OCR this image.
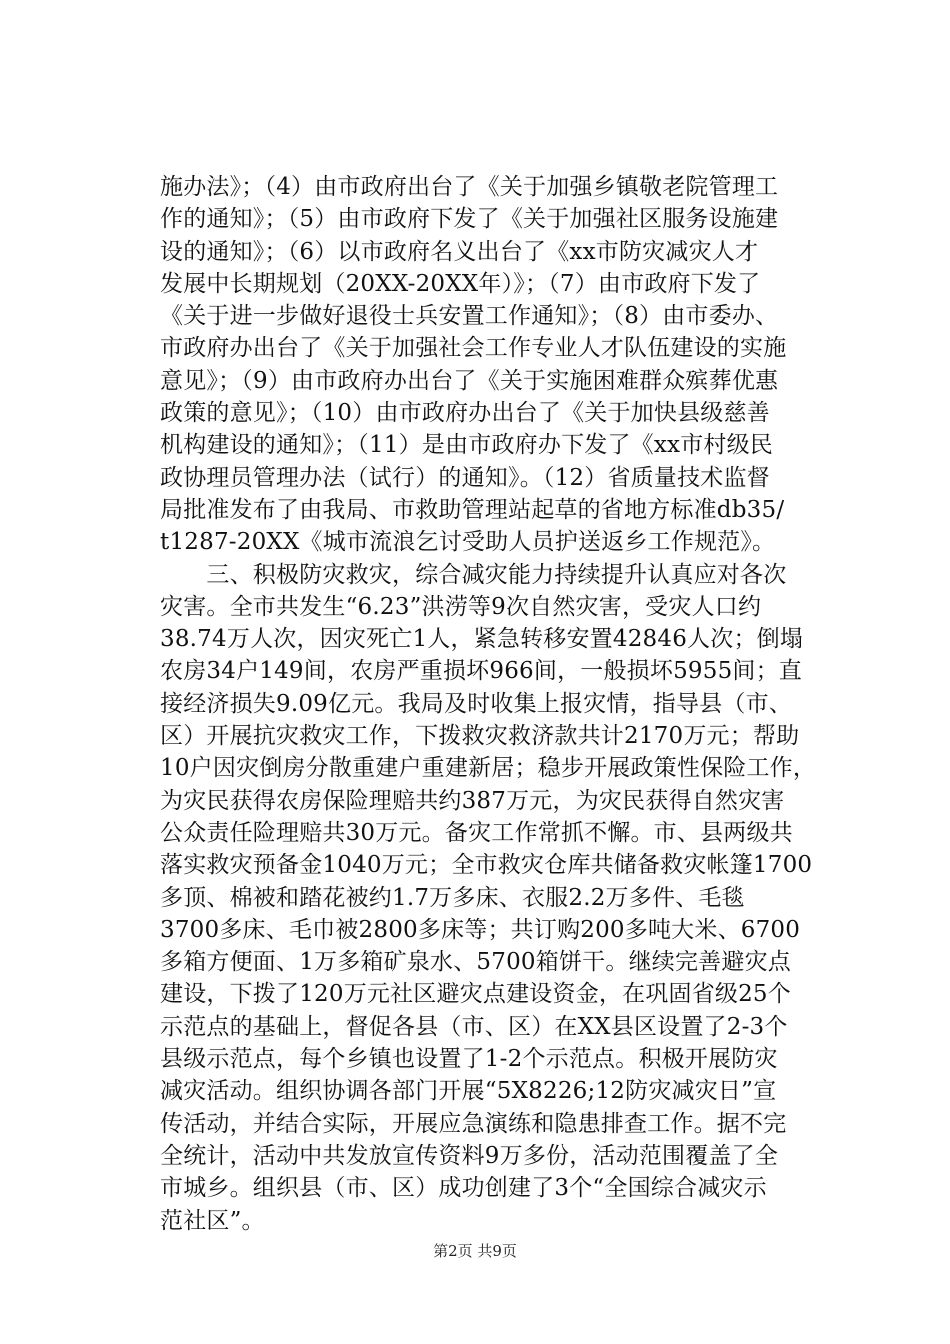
施办法》；（4）由市政府出台了《关于加强乡镇敬老院管理工
作的通知》；（5）由市政府下发了《关于加强社区服务设施建
设的通知》；（6）以市政府名义出台了《xx市防灾减灾人才
发展中长期规划（20XX-20XX年）》；（7）由市政府下发了
《关于进一步做好退役士兵安置工作通知》；（8）由市委办、
市政府办出台了《关于加强社会工作专业人才队伍建设的实施
意见》；（9）由市政府办出台了《关于实施困难群众殡葬优惠
政策的意见》；（10）由市政府办出台了《关于加快县级慈善
机构建设的通知》；（11）是由市政府办下发了《xx市村级民
政协理员管理办法（试行）的通知》。（12）省质量技术监督
局批准发布了由我局、市救助管理站起草的省地方标准db35/
t1287-20XX《城市流浪乞讨受助人员护送返乡工作规范》。
　　三、积极防灾救灾，综合减灾能力持续提升认真应对各次
灾害。全市共发生“6.23”洪涝等9次自然灾害，受灾人口约
38.74万人次，因灾死亡1人，紧急转移安置42846人次；倒塌
农房34户149间，农房严重损坏966间，一般损坏5955间；直
接经济损失9.09亿元。我局及时收集上报灾情，指导县（市、
区）开展抗灾救灾工作，下拨救灾救济款共计2170万元；帮助
10户因灾倒房分散重建户重建新居；稳步开展政策性保险工作，
为灾民获得农房保险理赔共约387万元，为灾民获得自然灾害
公众责任险理赔共30万元。备灾工作常抓不懈。市、县两级共
落实救灾预备金1040万元；全市救灾仓库共储备救灾帐篷1700
多顶、棉被和踏花被约1.7万多床、衣服2.2万多件、毛毯
3700多床、毛巾被2800多床等；共订购200多吨大米、6700
多箱方便面、1万多箱矿泉水、5700箱饼干。继续完善避灾点
建设，下拨了120万元社区避灾点建设资金，在巩固省级25个
示范点的基础上，督促各县（市、区）在XX县区设置了2-3个
县级示范点，每个乡镇也设置了1-2个示范点。积极开展防灾
减灾活动。组织协调各部门开展“5X8226;12防灾减灾日”宣
传活动，并结合实际，开展应急演练和隐患排查工作。据不完
全统计，活动中共发放宣传资料9万多份，活动范围覆盖了全
市城乡。组织县（市、区）成功创建了3个“全国综合减灾示
范社区”。
第2页 共9页
